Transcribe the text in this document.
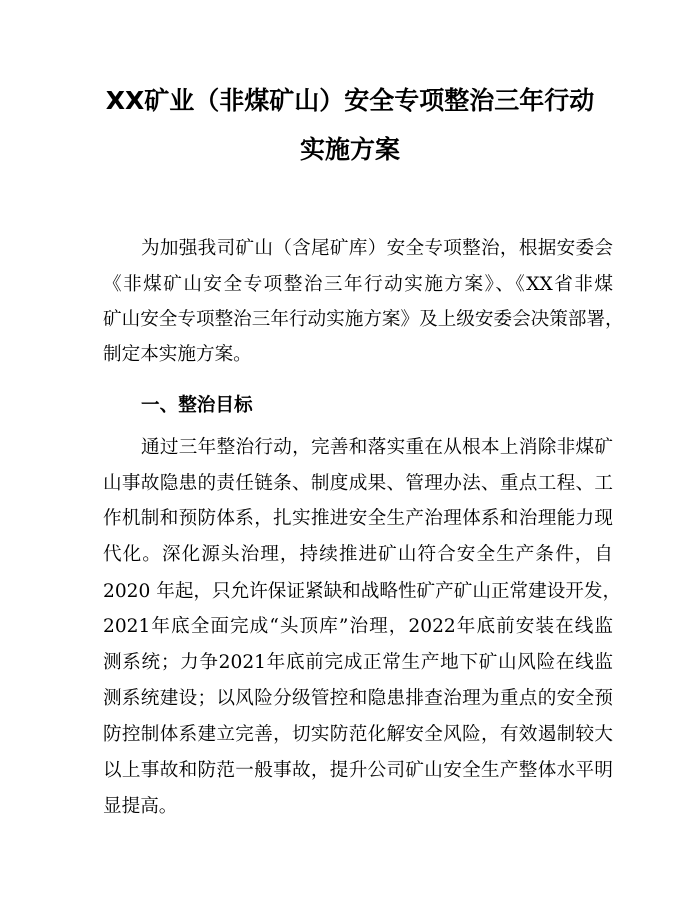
XX矿业（非煤矿山）安全专项整治三年行动
实施方案
为加强我司矿山（含尾矿库）安全专项整治，根据安委会
《非煤矿山安全专项整治三年行动实施方案》、《XX省非煤
矿山安全专项整治三年行动实施方案》及上级安委会决策部署，
制定本实施方案。
一、整治目标
通过三年整治行动，完善和落实重在从根本上消除非煤矿
山事故隐患的责任链条、制度成果、管理办法、重点工程、工
作机制和预防体系，扎实推进安全生产治理体系和治理能力现
代化。深化源头治理，持续推进矿山符合安全生产条件，自
2020 年起，只允许保证紧缺和战略性矿产矿山正常建设开发，
2021年底全面完成“头顶库”治理，2022年底前安装在线监
测系统；力争2021年底前完成正常生产地下矿山风险在线监
测系统建设；以风险分级管控和隐患排查治理为重点的安全预
防控制体系建立完善，切实防范化解安全风险，有效遏制较大
以上事故和防范一般事故，提升公司矿山安全生产整体水平明
显提高。
